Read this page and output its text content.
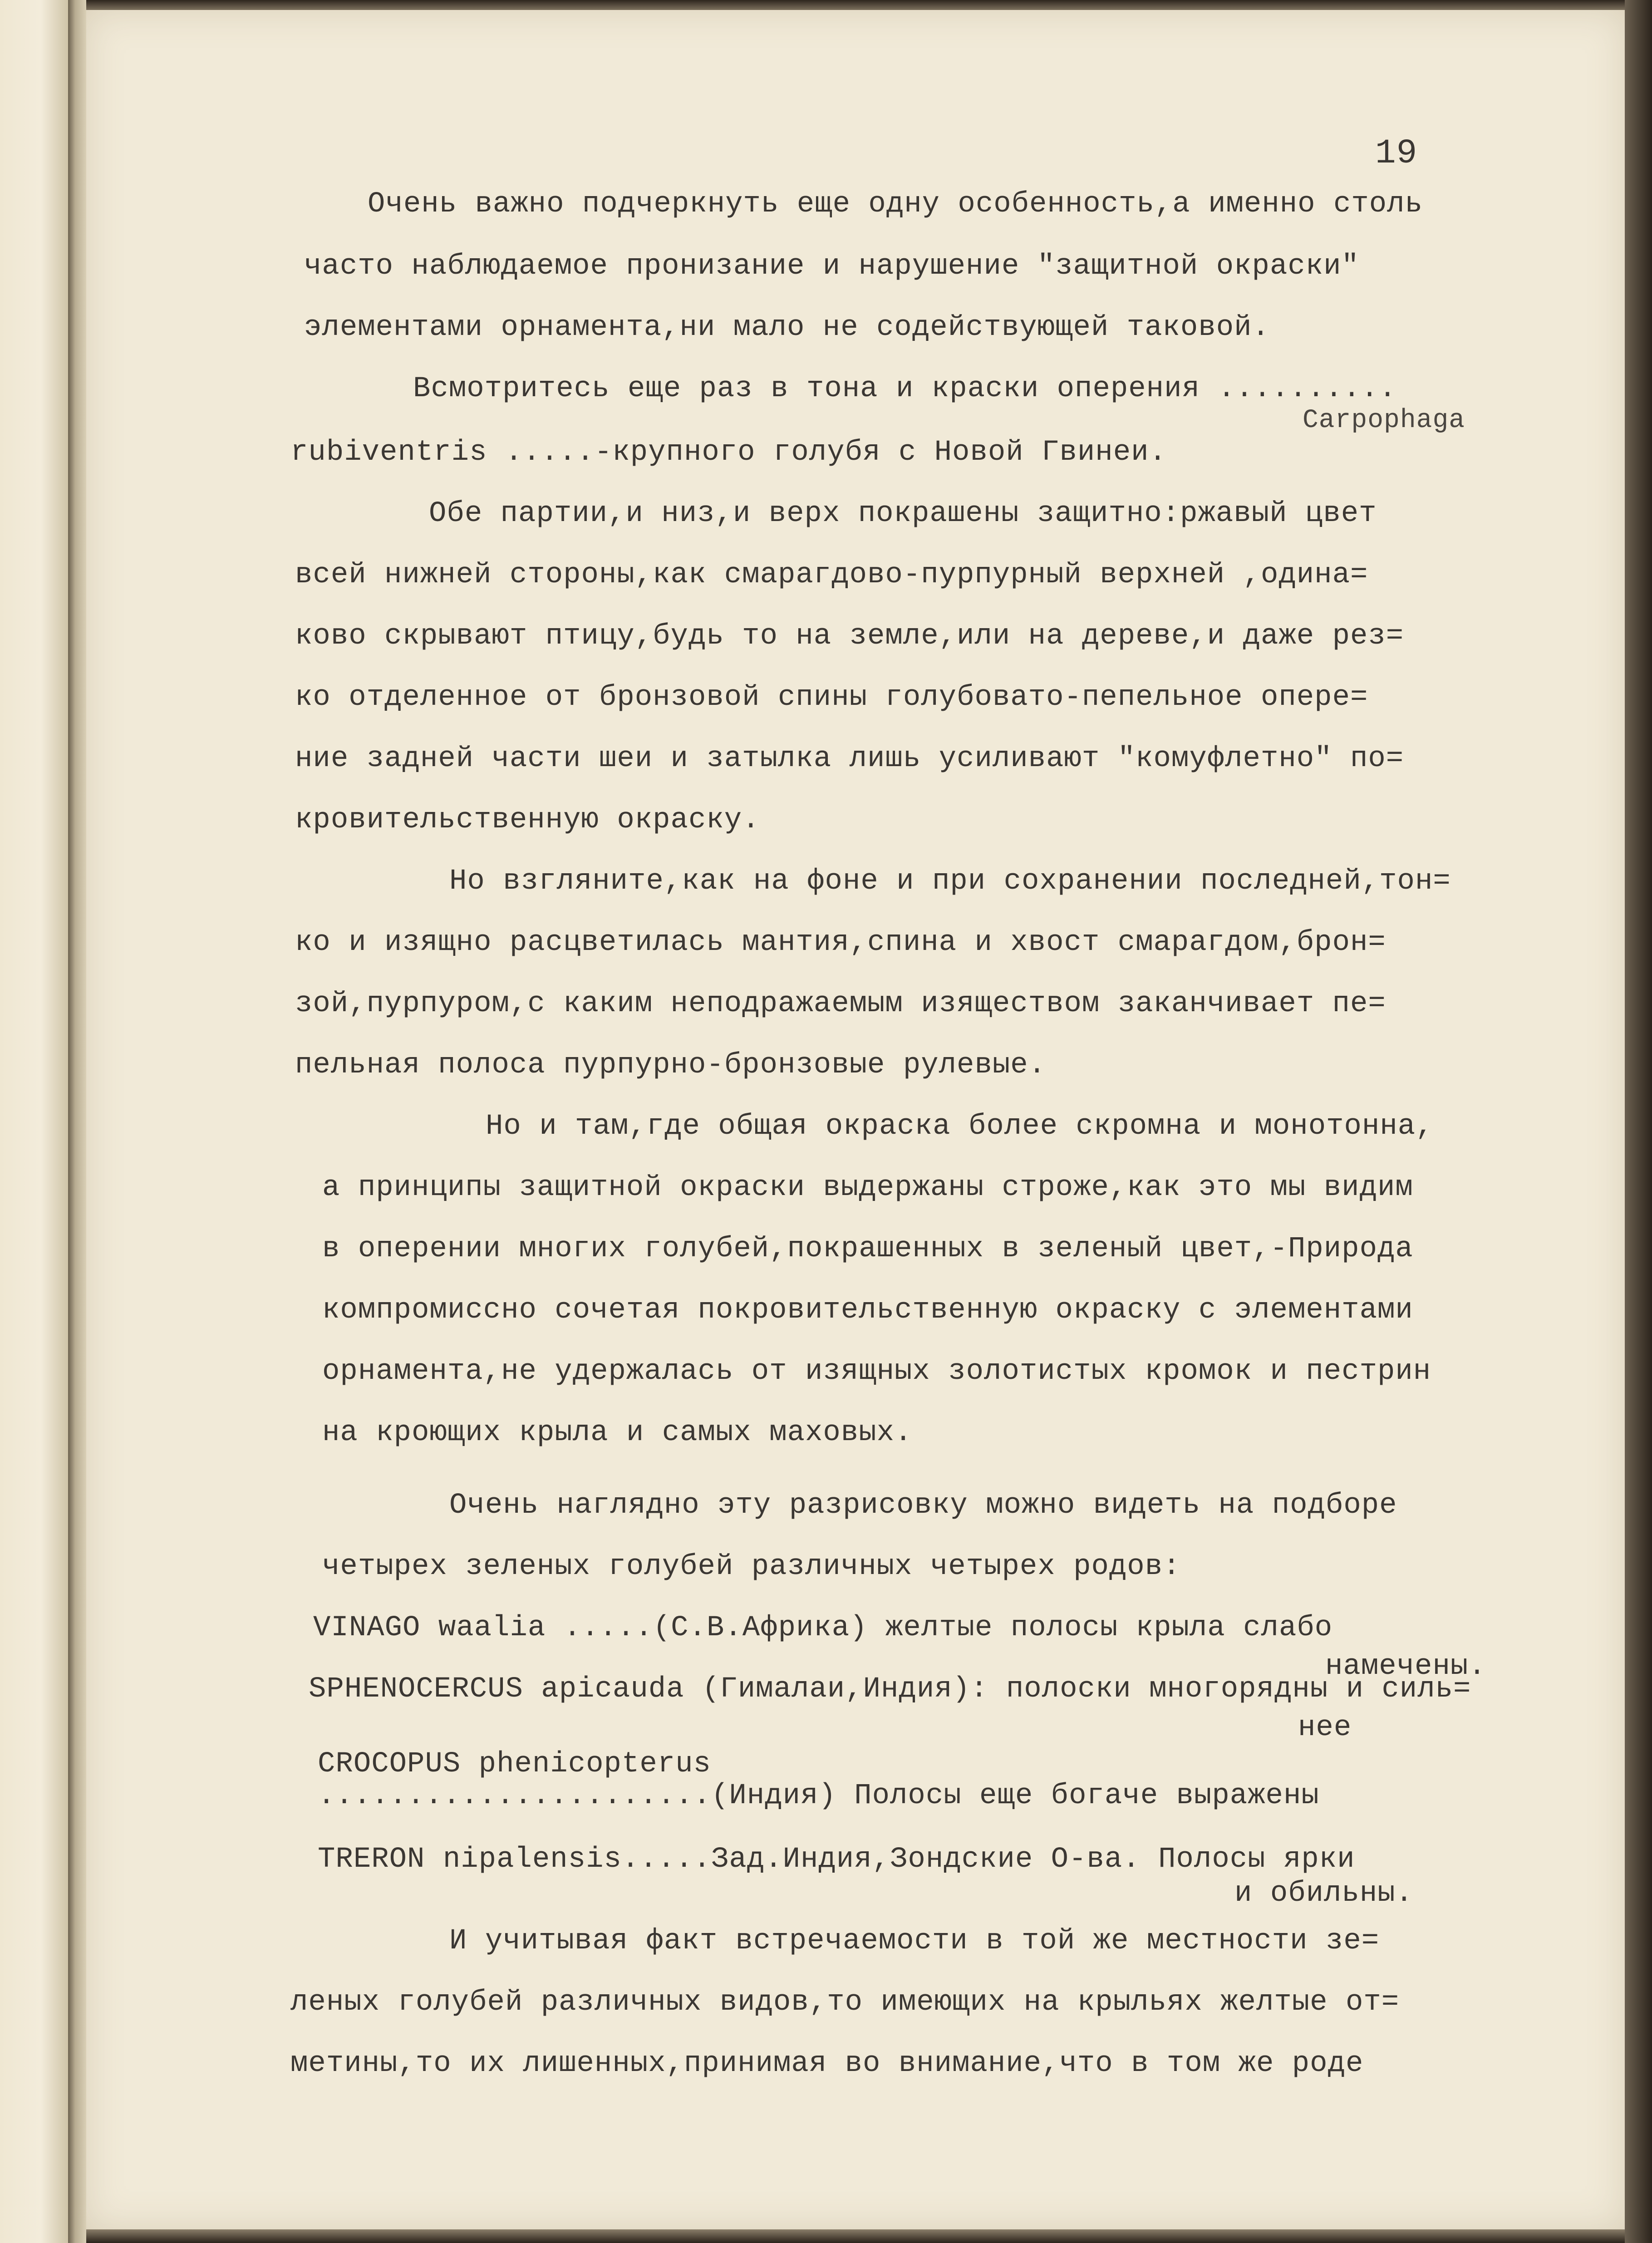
19
Очень важно подчеркнуть еще одну особенность,а именно столь
часто наблюдаемое пронизание и нарушение "защитной окраски"
элементами орнамента,ни мало не содействующей таковой.
Всмотритесь еще раз в тона и краски оперения ..........
Carpophaga
rubiventris .....-крупного голубя с Новой Гвинеи.
Обе партии,и низ,и верх покрашены защитно:ржавый цвет
всей нижней стороны,как смарагдово-пурпурный верхней ,одина=
ково скрывают птицу,будь то на земле,или на дереве,и даже рез=
ко отделенное от бронзовой спины голубовато-пепельное опере=
ние задней части шеи и затылка лишь усиливают "комуфлетно" по=
кровительственную окраску.
Но взгляните,как на фоне и при сохранении последней,тон=
ко и изящно расцветилась мантия,спина и хвост смарагдом,брон=
зой,пурпуром,с каким неподражаемым изяществом заканчивает пе=
пельная полоса пурпурно-бронзовые рулевые.
Но и там,где общая окраска более скромна и монотонна,
а принципы защитной окраски выдержаны строже,как это мы видим
в оперении многих голубей,покрашенных в зеленый цвет,-Природа
компромиссно сочетая покровительственную окраску с элементами
орнамента,не удержалась от изящных золотистых кромок и пестрин
на кроющих крыла и самых маховых.
Очень наглядно эту разрисовку можно видеть на подборе
четырех зеленых голубей различных четырех родов:
VINAGO waalia .....(С.В.Африка) желтые полосы крыла слабо
намечены.
SPHENOCERCUS apicauda (Гималаи,Индия): полоски многорядны и силь=
нее
CROCOPUS phenicopterus
......................(Индия) Полосы еще богаче выражены
TRERON nipalensis.....Зад.Индия,Зондские О-ва. Полосы ярки
и обильны.
И учитывая факт встречаемости в той же местности зе=
леных голубей различных видов,то имеющих на крыльях желтые от=
метины,то их лишенных,принимая во внимание,что в том же роде
